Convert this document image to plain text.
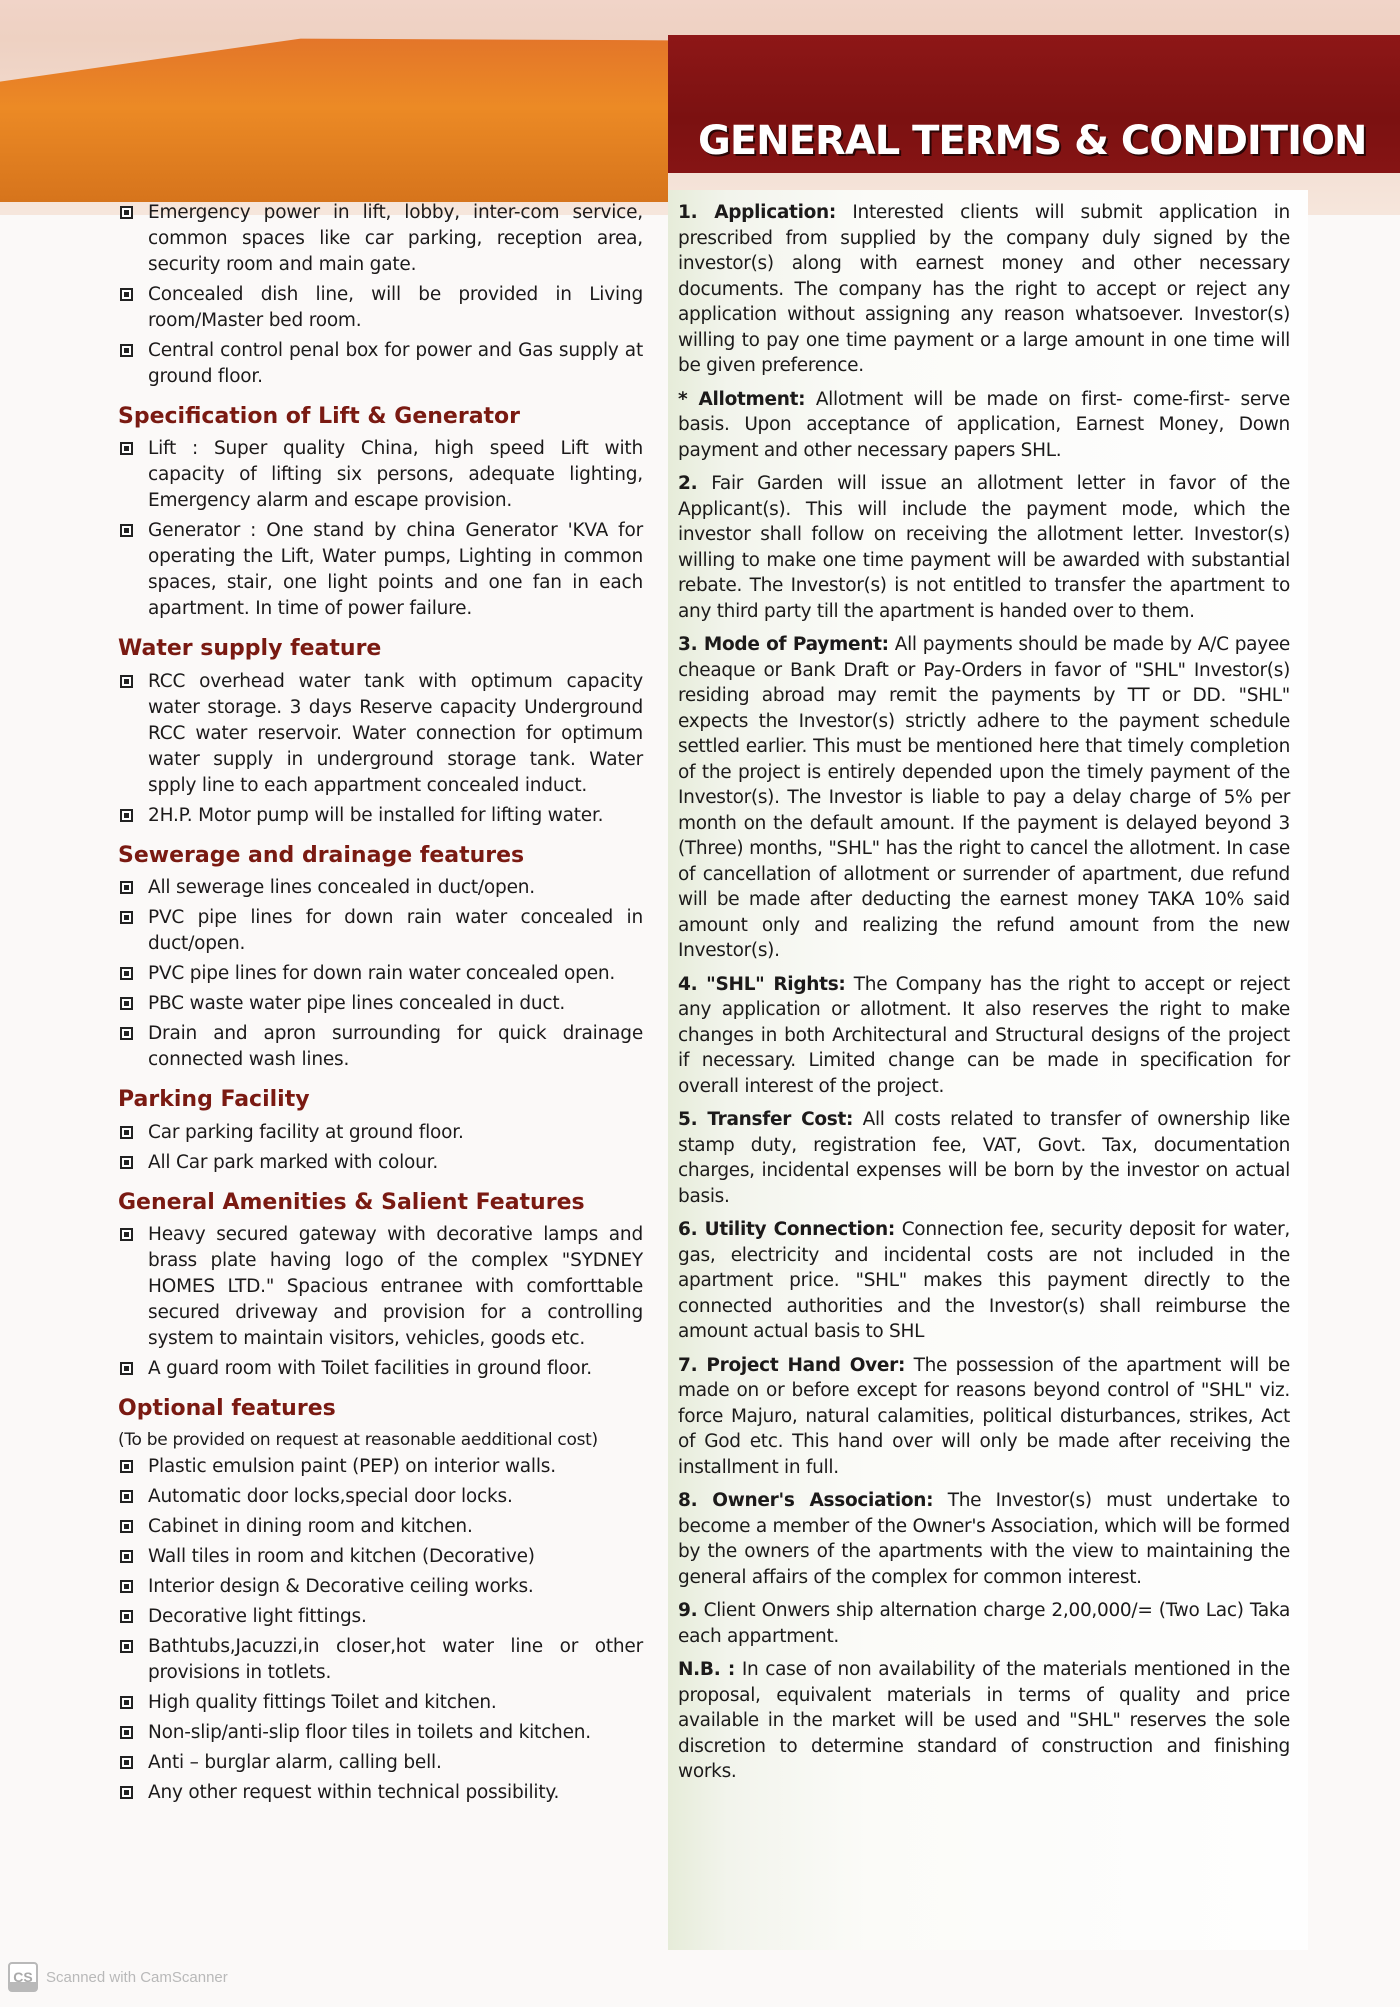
GENERAL TERMS & CONDITION
Emergency power in lift, lobby, inter-com service, common spaces like car parking, reception area, security room and main gate.
Concealed dish line, will be provided in Living room/Master bed room.
Central control penal box for power and Gas supply at ground floor.
Specification of Lift & Generator
Lift : Super quality China, high speed Lift with capacity of lifting six persons, adequate lighting, Emergency alarm and escape provision.
Generator : One stand by china Generator 'KVA for operating the Lift, Water pumps, Lighting in common spaces, stair, one light points and one fan in each apartment. In time of power failure.
Water supply feature
RCC overhead water tank with optimum capacity water storage. 3 days Reserve capacity Underground RCC water reservoir. Water connection for optimum water supply in underground storage tank. Water spply line to each appartment concealed induct.
2H.P. Motor pump will be installed for lifting water.
Sewerage and drainage features
All sewerage lines concealed in duct/open.
PVC pipe lines for down rain water concealed in duct/open.
PVC pipe lines for down rain water concealed open.
PBC waste water pipe lines concealed in duct.
Drain and apron surrounding for quick drainage connected wash lines.
Parking Facility
Car parking facility at ground floor.
All Car park marked with colour.
General Amenities & Salient Features
Heavy secured gateway with decorative lamps and brass plate having logo of the complex "SYDNEY HOMES LTD." Spacious entranee with comforttable secured driveway and provision for a controlling system to maintain visitors, vehicles, goods etc.
A guard room with Toilet facilities in ground floor.
Optional features
(To be provided on request at reasonable aedditional cost)
Plastic emulsion paint (PEP) on interior walls.
Automatic door locks,special door locks.
Cabinet in dining room and kitchen.
Wall tiles in room and kitchen (Decorative)
Interior design & Decorative ceiling works.
Decorative light fittings.
Bathtubs,Jacuzzi,in closer,hot water line or other provisions in totlets.
High quality fittings Toilet and kitchen.
Non-slip/anti-slip floor tiles in toilets and kitchen.
Anti – burglar alarm, calling bell.
Any other request within technical possibility.

1. Application: Interested clients will submit application in prescribed from supplied by the company duly signed by the investor(s) along with earnest money and other necessary documents. The company has the right to accept or reject any application without assigning any reason whatsoever. Investor(s) willing to pay one time payment or a large amount in one time will be given preference.

* Allotment: Allotment will be made on first- come-first- serve basis. Upon acceptance of application, Earnest Money, Down payment and other necessary papers SHL.

2. Fair Garden will issue an allotment letter in favor of the Applicant(s). This will include the payment mode, which the investor shall follow on receiving the allotment letter. Investor(s) willing to make one time payment will be awarded with substantial rebate. The Investor(s) is not entitled to transfer the apartment to any third party till the apartment is handed over to them.

3. Mode of Payment: All payments should be made by A/C payee cheaque or Bank Draft or Pay-Orders in favor of "SHL" Investor(s) residing abroad may remit the payments by TT or DD. "SHL" expects the Investor(s) strictly adhere to the payment schedule settled earlier. This must be mentioned here that timely completion of the project is entirely depended upon the timely payment of the Investor(s). The Investor is liable to pay a delay charge of 5% per month on the default amount. If the payment is delayed beyond 3 (Three) months, "SHL" has the right to cancel the allotment. In case of cancellation of allotment or surrender of apartment, due refund will be made after deducting the earnest money TAKA 10% said amount only and realizing the refund amount from the new Investor(s).

4. "SHL" Rights: The Company has the right to accept or reject any application or allotment. It also reserves the right to make changes in both Architectural and Structural designs of the project if necessary. Limited change can be made in specification for overall interest of the project.

5. Transfer Cost: All costs related to transfer of ownership like stamp duty, registration fee, VAT, Govt. Tax, documentation charges, incidental expenses will be born by the investor on actual basis.

6. Utility Connection: Connection fee, security deposit for water, gas, electricity and incidental costs are not included in the apartment price. "SHL" makes this payment directly to the connected authorities and the Investor(s) shall reimburse the amount actual basis to SHL

7. Project Hand Over: The possession of the apartment will be made on or before except for reasons beyond control of "SHL" viz. force Majuro, natural calamities, political disturbances, strikes, Act of God etc. This hand over will only be made after receiving the installment in full.

8. Owner's Association: The Investor(s) must undertake to become a member of the Owner's Association, which will be formed by the owners of the apartments with the view to maintaining the general affairs of the complex for common interest.

9. Client Onwers ship alternation charge 2,00,000/= (Two Lac) Taka each appartment.

N.B. : In case of non availability of the materials mentioned in the proposal, equivalent materials in terms of quality and price available in the market will be used and "SHL" reserves the sole discretion to determine standard of construction and finishing works.

CS Scanned with CamScanner
